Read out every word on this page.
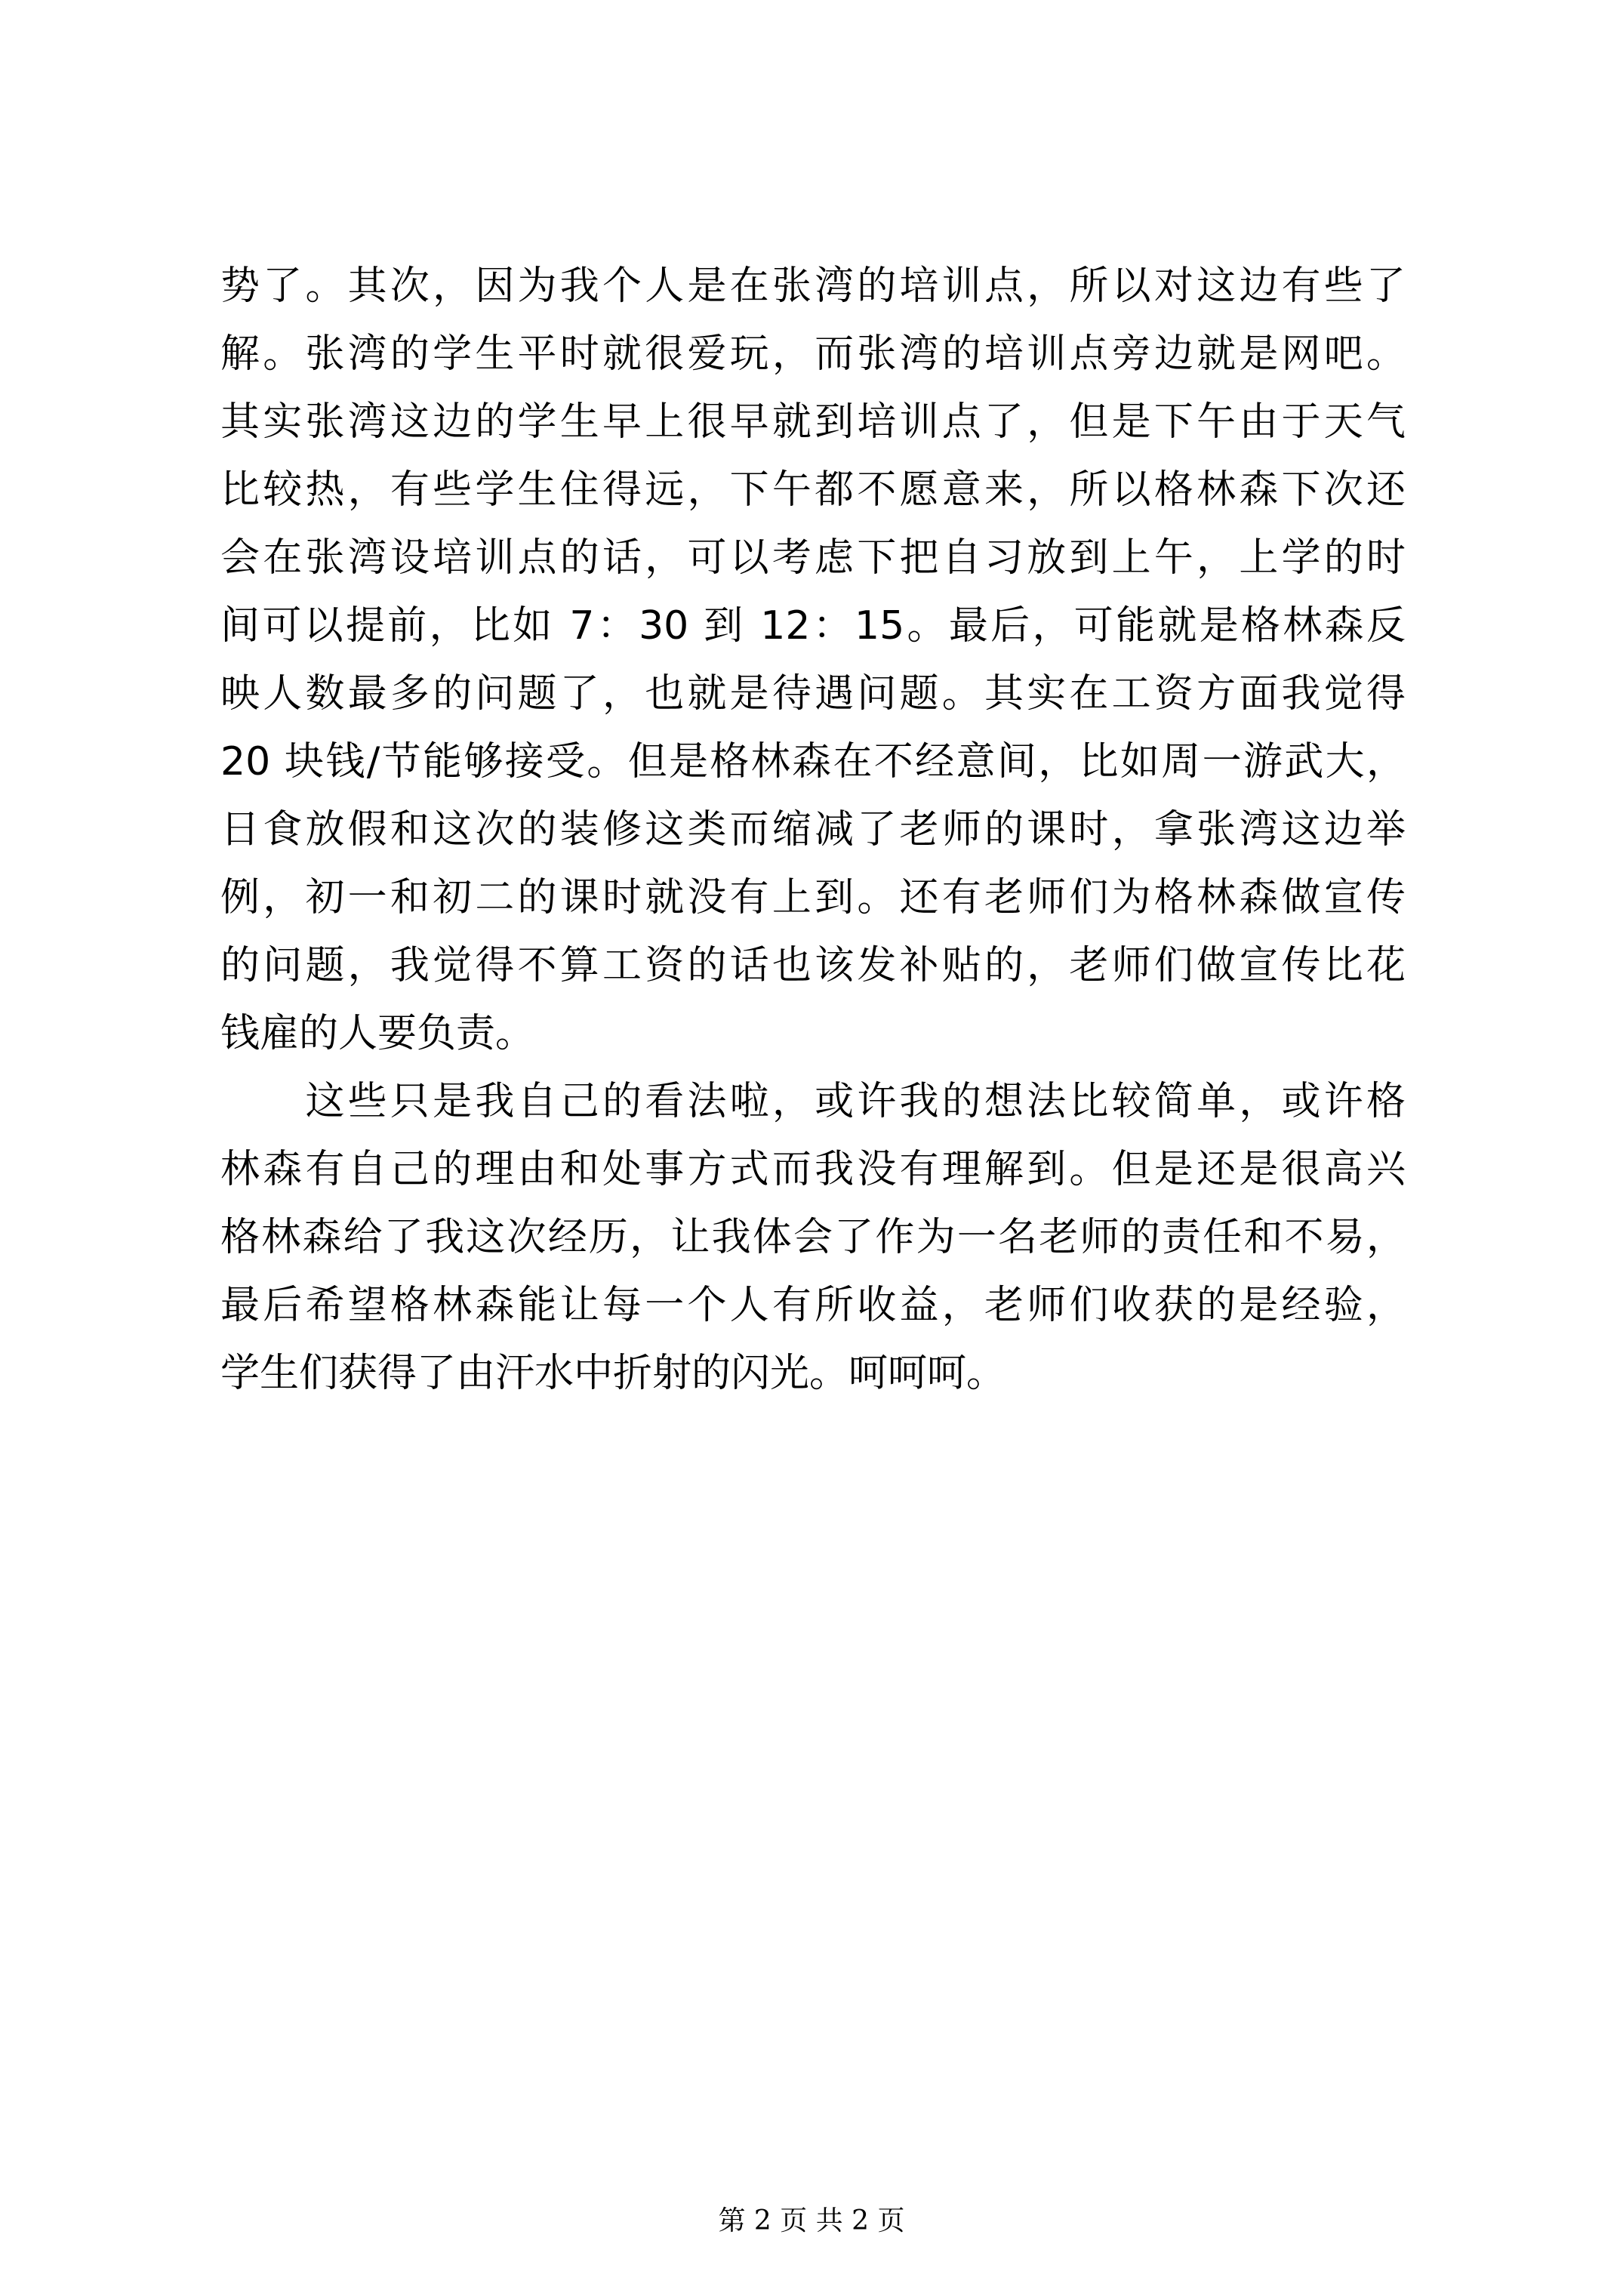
势了。其次，因为我个人是在张湾的培训点，所以对这边有些了
解。张湾的学生平时就很爱玩，而张湾的培训点旁边就是网吧。
其实张湾这边的学生早上很早就到培训点了，但是下午由于天气
比较热，有些学生住得远，下午都不愿意来，所以格林森下次还
会在张湾设培训点的话，可以考虑下把自习放到上午，上学的时
间可以提前，比如 7：30 到 12：15。最后，可能就是格林森反
映人数最多的问题了，也就是待遇问题。其实在工资方面我觉得
20 块钱/节能够接受。但是格林森在不经意间，比如周一游武大，
日食放假和这次的装修这类而缩减了老师的课时，拿张湾这边举
例，初一和初二的课时就没有上到。还有老师们为格林森做宣传
的问题，我觉得不算工资的话也该发补贴的，老师们做宣传比花
钱雇的人要负责。
　　这些只是我自己的看法啦，或许我的想法比较简单，或许格
林森有自己的理由和处事方式而我没有理解到。但是还是很高兴
格林森给了我这次经历，让我体会了作为一名老师的责任和不易，
最后希望格林森能让每一个人有所收益，老师们收获的是经验，
学生们获得了由汗水中折射的闪光。呵呵呵。
第 2 页 共 2 页
